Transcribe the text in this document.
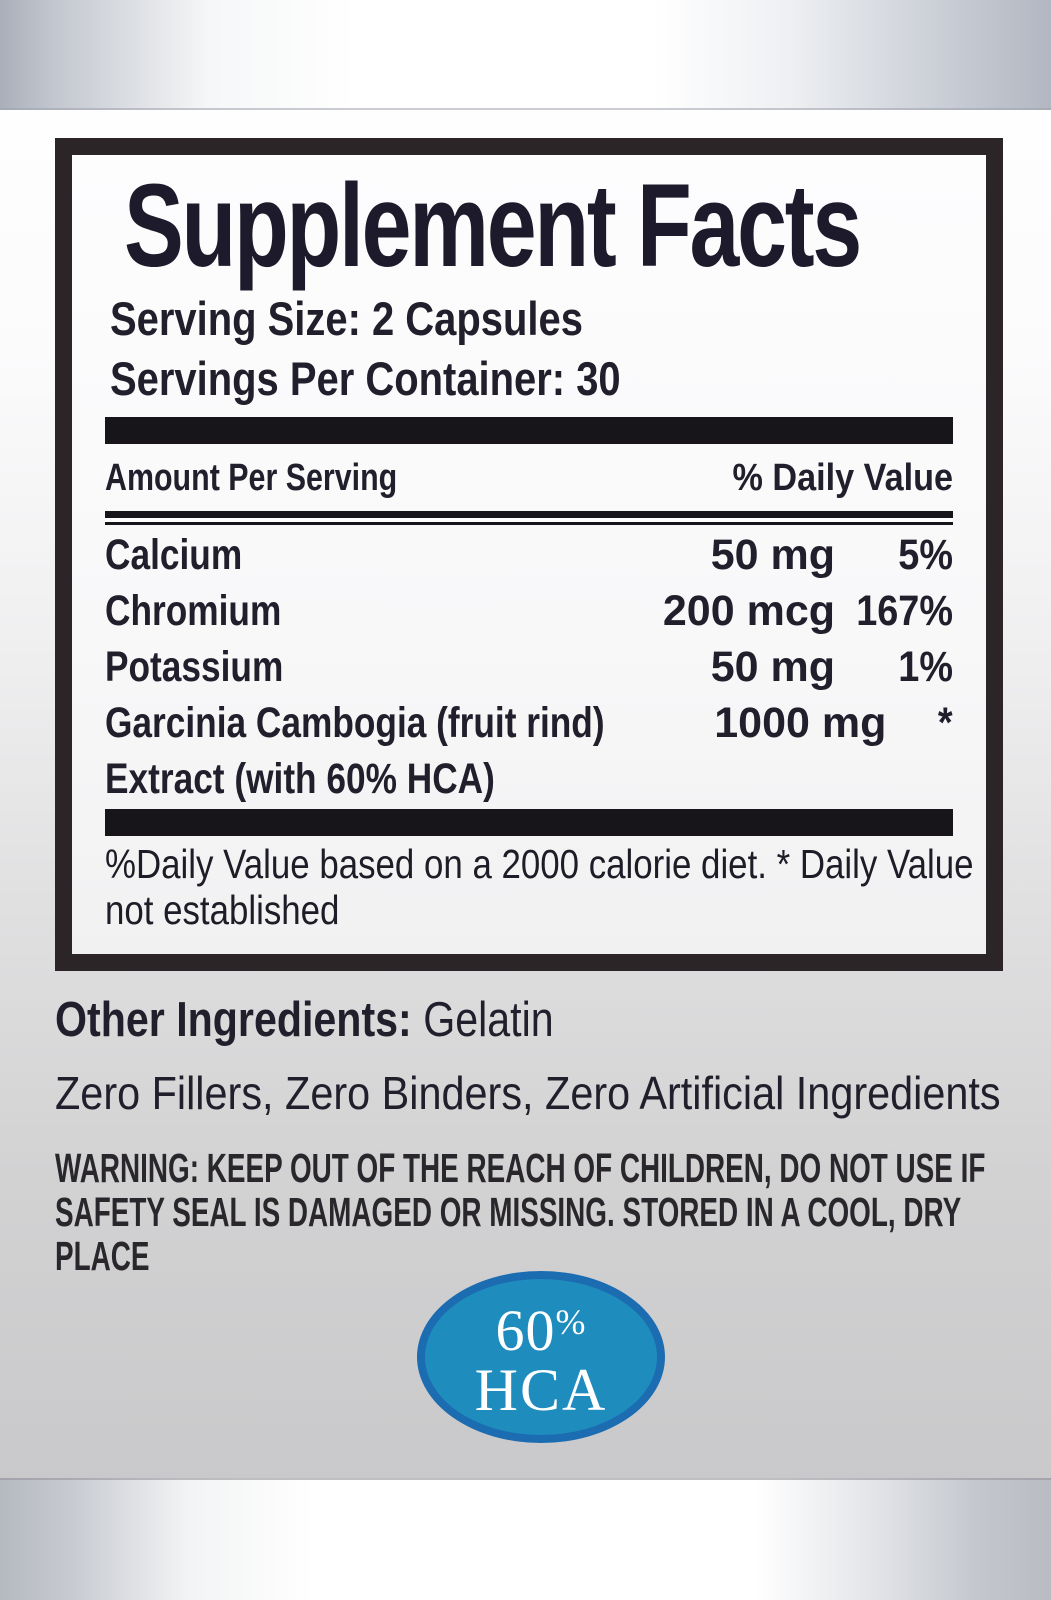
Supplement Facts
Serving Size: 2 Capsules
Servings Per Container: 30
Amount Per Serving	% Daily Value
Calcium	50 mg	5%
Chromium	200 mcg 167%
Potassium	50 mg	1%
Garcinia Cambogia (fruit rind)	1000 mg	*
Extract (with 60% HCA)
%Daily Value based on a 2000 calorie diet. * Daily Value
not established
Other Ingredients: Gelatin
Zero Fillers, Zero Binders, Zero Artificial Ingredients
WARNING: KEEP OUT OF THE REACH OF CHILDREN, DO NOT USE IF
SAFETY SEAL IS DAMAGED OR MISSING. STORED IN A COOL, DRY
PLACE
60%
HCA
